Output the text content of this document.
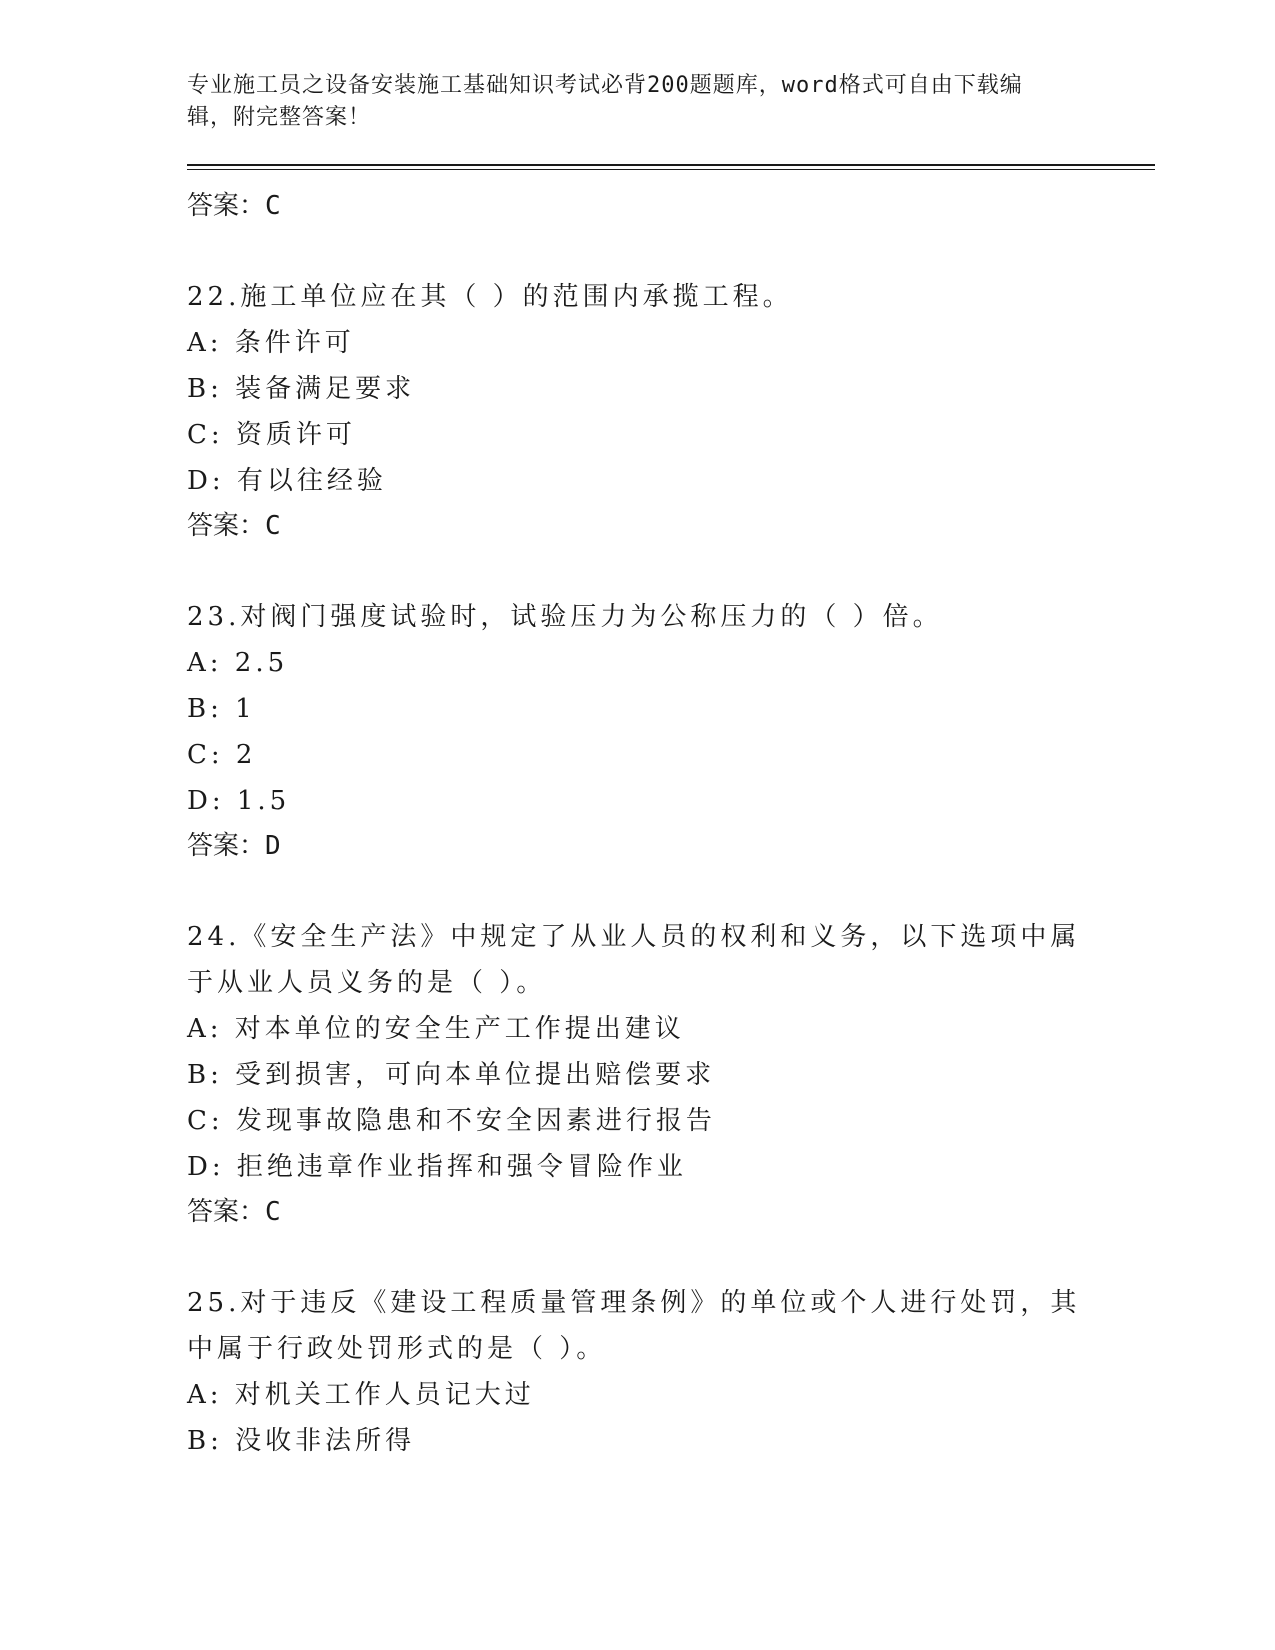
专业施工员之设备安装施工基础知识考试必背200题题库，word格式可自由下载编辑，附完整答案！
答案：C
22.施工单位应在其（ ）的范围内承揽工程。
A: 条件许可
B: 装备满足要求
C: 资质许可
D: 有以往经验
答案：C
23.对阀门强度试验时，试验压力为公称压力的（ ）倍。
A: 2.5
B: 1
C: 2
D: 1.5
答案：D
24.《安全生产法》中规定了从业人员的权利和义务，以下选项中属于从业人员义务的是（ ）。
A: 对本单位的安全生产工作提出建议
B: 受到损害，可向本单位提出赔偿要求
C: 发现事故隐患和不安全因素进行报告
D: 拒绝违章作业指挥和强令冒险作业
答案：C
25.对于违反《建设工程质量管理条例》的单位或个人进行处罚，其中属于行政处罚形式的是（ ）。
A: 对机关工作人员记大过
B: 没收非法所得
